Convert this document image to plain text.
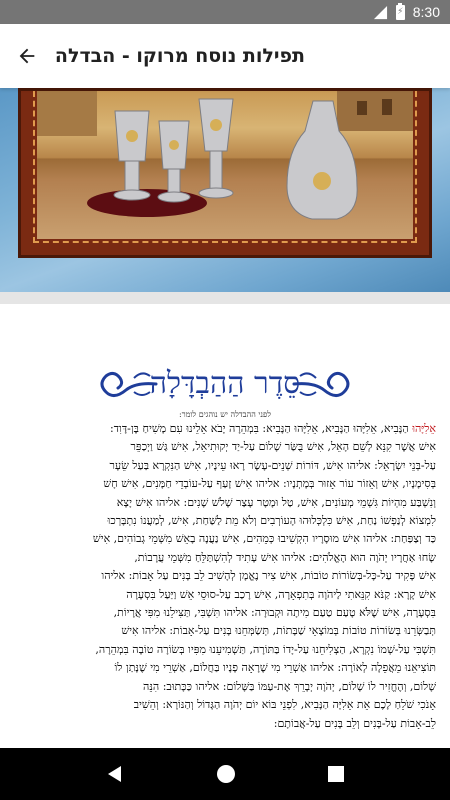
⚡
8:30
תפילות נוסח מרוקו - הבדלה
סֵדֶר הַהַבְדָּלָה
לפני ההבדלה יש נוהגים לומר:
אֵלִיָּהוּ הַנָּבִיא, אֵלִיָּהוּ הַנָּבִיא, אֵלִיָּהוּ הַנָּבִיא: בִּמְהֵרָה יָבֹא אֵלֵינוּ עִם מָשִׁיחַ בֶּן-דָּוִד:
אִישׁ אֲשֶׁר קִנֵּא לְשֵׁם הָאֵל, אִישׁ בֻּשַּׂר שָׁלוֹם עַל-יַד יְקוּתִיאֵל, אִישׁ גַּשׁ וַיְכַפֵּר
עַל-בְּנֵי יִשְׂרָאֵל: אליהו אִישׁ, דּוֹרוֹת שְׁנֵים-עָשָׂר רָאוּ עֵינָיו, אִישׁ הַנִּקְרָא בַּעַל שֵׂעָר
בְּסִימָנָיו, אִישׁ וְאֵזוֹר עוֹר אָזוּר בְּמָתְנָיו: אליהו אִישׁ זָעַף עַל-עוֹבְדֵי חַמָּנִים, אִישׁ חָשׁ
וְנִשְׁבַּע מִהְיוֹת גִּשְׁמֵי מְעוֹנִים, אִישׁ, טַל וּמָטָר עָצַר שָׁלֹשׁ שָׁנִים: אליהו אִישׁ יָצָא
לִמְצוֹא לְנַפְשׁוֹ נַחַת, אִישׁ כִּלְכְּלוּהוּ הָעוֹרְבִים וְלֹא מֵת לַשַּׁחַת, אִישׁ, לְמַעֲנוֹ נִתְבָּרְכוּ
כַּד וְצַפַּחַת: אליהו אִישׁ מוּסָרָיו הִקְשִׁיבוּ כְּמֵהִים, אִישׁ נַעֲנָה בָאֵשׁ מִשְּׁמֵי גְבוֹהִים, אִישׁ
שָׂחוּ אַחֲרָיו יְהֹוָה הוּא הָאֱלֹהִים: אליהו אִישׁ עָתִיד לְהִשְׁתַּלֵּחַ מִשְּׁמֵי עֲרָבוֹת,
אִישׁ פָּקִיד עַל-כָּל-בְּשׂוֹרוֹת טוֹבוֹת, אִישׁ צִיר נֶאֱמָן לְהָשִׁיב לֵב בָּנִים עַל אָבוֹת: אליהו
אִישׁ קָרָא: קַנֹּא קִנֵּאתִי לַיהֹוָה בְּתִפְאָרָה, אִישׁ רָכַב עַל-סוּסֵי אֵשׁ וַיַּעַל בִּסְעָרָה
בִּסְעָרָה, אִישׁ שֶׁלֹּא טָעַם טַעַם מִיתָה וּקְבוּרָה: אליהו תִּשְׁבִּי, תַּצִּילֵנוּ מִפִּי אֲרָיוֹת,
תְּבַשְּׂרֵנוּ בְּשׂוֹרוֹת טוֹבוֹת בְּמוֹצָאֵי שַׁבָּתוֹת, תְּשַׂמְּחֵנוּ בָּנִים עַל-אָבוֹת: אליהו אִישׁ
תִּשְׁבִּי עַל-שְׁמוֹ נִקְרָא, הַצְלִיחֵנוּ עַל-יָדוֹ בַּתּוֹרָה, תַּשְׁמִיעֵנוּ מִפִּיו בְּשׂוֹרָה טוֹבָה בִּמְהֵרָה,
תּוֹצִיאֵנוּ מֵאֲפֵלָה לְאוֹרָה: אליהו אַשְׁרֵי מִי שֶׁרָאָה פָנָיו בַּחֲלוֹם, אַשְׁרֵי מִי שֶׁנָּתַן לוֹ
שָׁלוֹם, וְהֶחֱזִיר לוֹ שָׁלוֹם, יְהֹוָה יְבָרֵךְ אֶת-עַמּוֹ בַּשָּׁלוֹם: אליהו כַּכָּתוּב: הִנֵּה
אָנֹכִי שֹׁלֵחַ לָכֶם אֵת אֵלִיָּה הַנָּבִיא, לִפְנֵי בּוֹא יוֹם יְהֹוָה הַגָּדוֹל וְהַנּוֹרָא: וְהֵשִׁיב
לֵב-אָבוֹת עַל-בָּנִים וְלֵב בָּנִים עַל-אֲבוֹתָם:
